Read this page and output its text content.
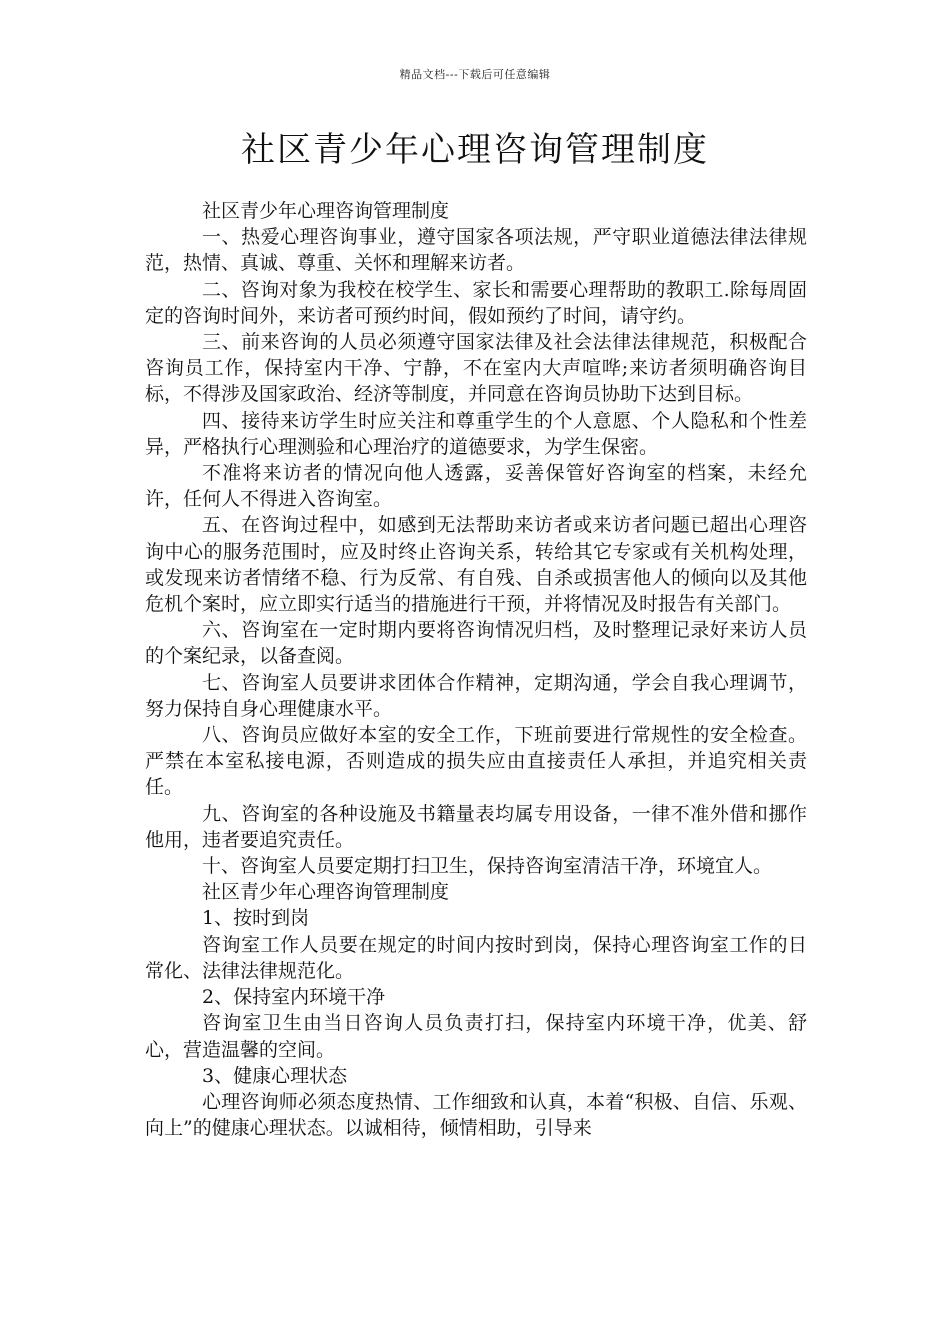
精品文档---下载后可任意编辑
社区青少年心理咨询管理制度

社区青少年心理咨询管理制度

一、热爱心理咨询事业，遵守国家各项法规，严守职业道德法律法律规范，热情、真诚、尊重、关怀和理解来访者。

二、咨询对象为我校在校学生、家长和需要心理帮助的教职工.除每周固定的咨询时间外，来访者可预约时间，假如预约了时间，请守约。

三、前来咨询的人员必须遵守国家法律及社会法律法律规范，积极配合咨询员工作，保持室内干净、宁静，不在室内大声喧哗;来访者须明确咨询目标，不得涉及国家政治、经济等制度，并同意在咨询员协助下达到目标。

四、接待来访学生时应关注和尊重学生的个人意愿、个人隐私和个性差异，严格执行心理测验和心理治疗的道德要求，为学生保密。

不准将来访者的情况向他人透露，妥善保管好咨询室的档案，未经允许，任何人不得进入咨询室。

五、在咨询过程中，如感到无法帮助来访者或来访者问题已超出心理咨询中心的服务范围时，应及时终止咨询关系，转给其它专家或有关机构处理，或发现来访者情绪不稳、行为反常、有自残、自杀或损害他人的倾向以及其他危机个案时，应立即实行适当的措施进行干预，并将情况及时报告有关部门。

六、咨询室在一定时期内要将咨询情况归档，及时整理记录好来访人员的个案纪录，以备查阅。

七、咨询室人员要讲求团体合作精神，定期沟通，学会自我心理调节，努力保持自身心理健康水平。

八、咨询员应做好本室的安全工作，下班前要进行常规性的安全检查。严禁在本室私接电源，否则造成的损失应由直接责任人承担，并追究相关责任。

九、咨询室的各种设施及书籍量表均属专用设备，一律不准外借和挪作他用，违者要追究责任。

十、咨询室人员要定期打扫卫生，保持咨询室清洁干净，环境宜人。

社区青少年心理咨询管理制度

1、按时到岗

咨询室工作人员要在规定的时间内按时到岗，保持心理咨询室工作的日常化、法律法律规范化。

2、保持室内环境干净

咨询室卫生由当日咨询人员负责打扫，保持室内环境干净，优美、舒心，营造温馨的空间。

3、健康心理状态

心理咨询师必须态度热情、工作细致和认真，本着“积极、自信、乐观、向上”的健康心理状态。以诚相待，倾情相助，引导来
